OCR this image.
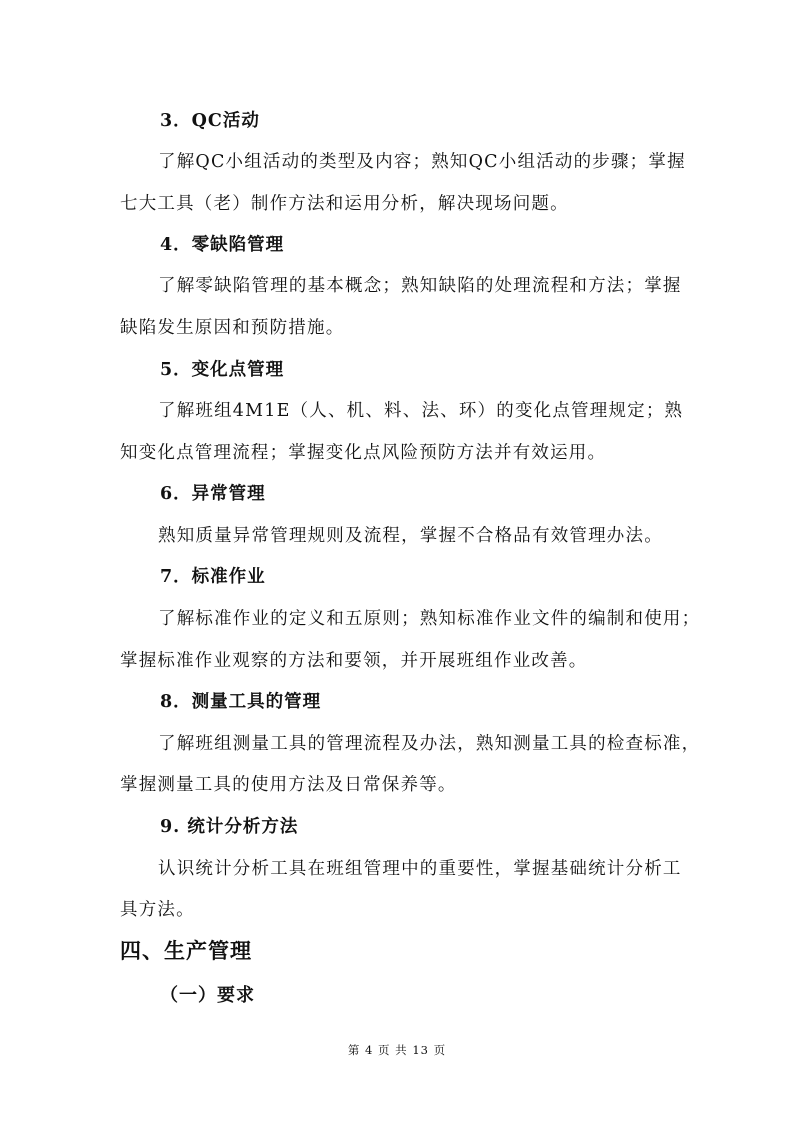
3．QC活动
了解QC小组活动的类型及内容；熟知QC小组活动的步骤；掌握
七大工具（老）制作方法和运用分析，解决现场问题。
4．零缺陷管理
了解零缺陷管理的基本概念；熟知缺陷的处理流程和方法；掌握
缺陷发生原因和预防措施。
5．变化点管理
了解班组4M1E（人、机、料、法、环）的变化点管理规定；熟
知变化点管理流程；掌握变化点风险预防方法并有效运用。
6．异常管理
熟知质量异常管理规则及流程，掌握不合格品有效管理办法。
7．标准作业
了解标准作业的定义和五原则；熟知标准作业文件的编制和使用；
掌握标准作业观察的方法和要领，并开展班组作业改善。
8．测量工具的管理
了解班组测量工具的管理流程及办法，熟知测量工具的检查标准，
掌握测量工具的使用方法及日常保养等。
9. 统计分析方法
认识统计分析工具在班组管理中的重要性，掌握基础统计分析工
具方法。
四、生产管理
（一）要求
第 4 页 共 13 页
